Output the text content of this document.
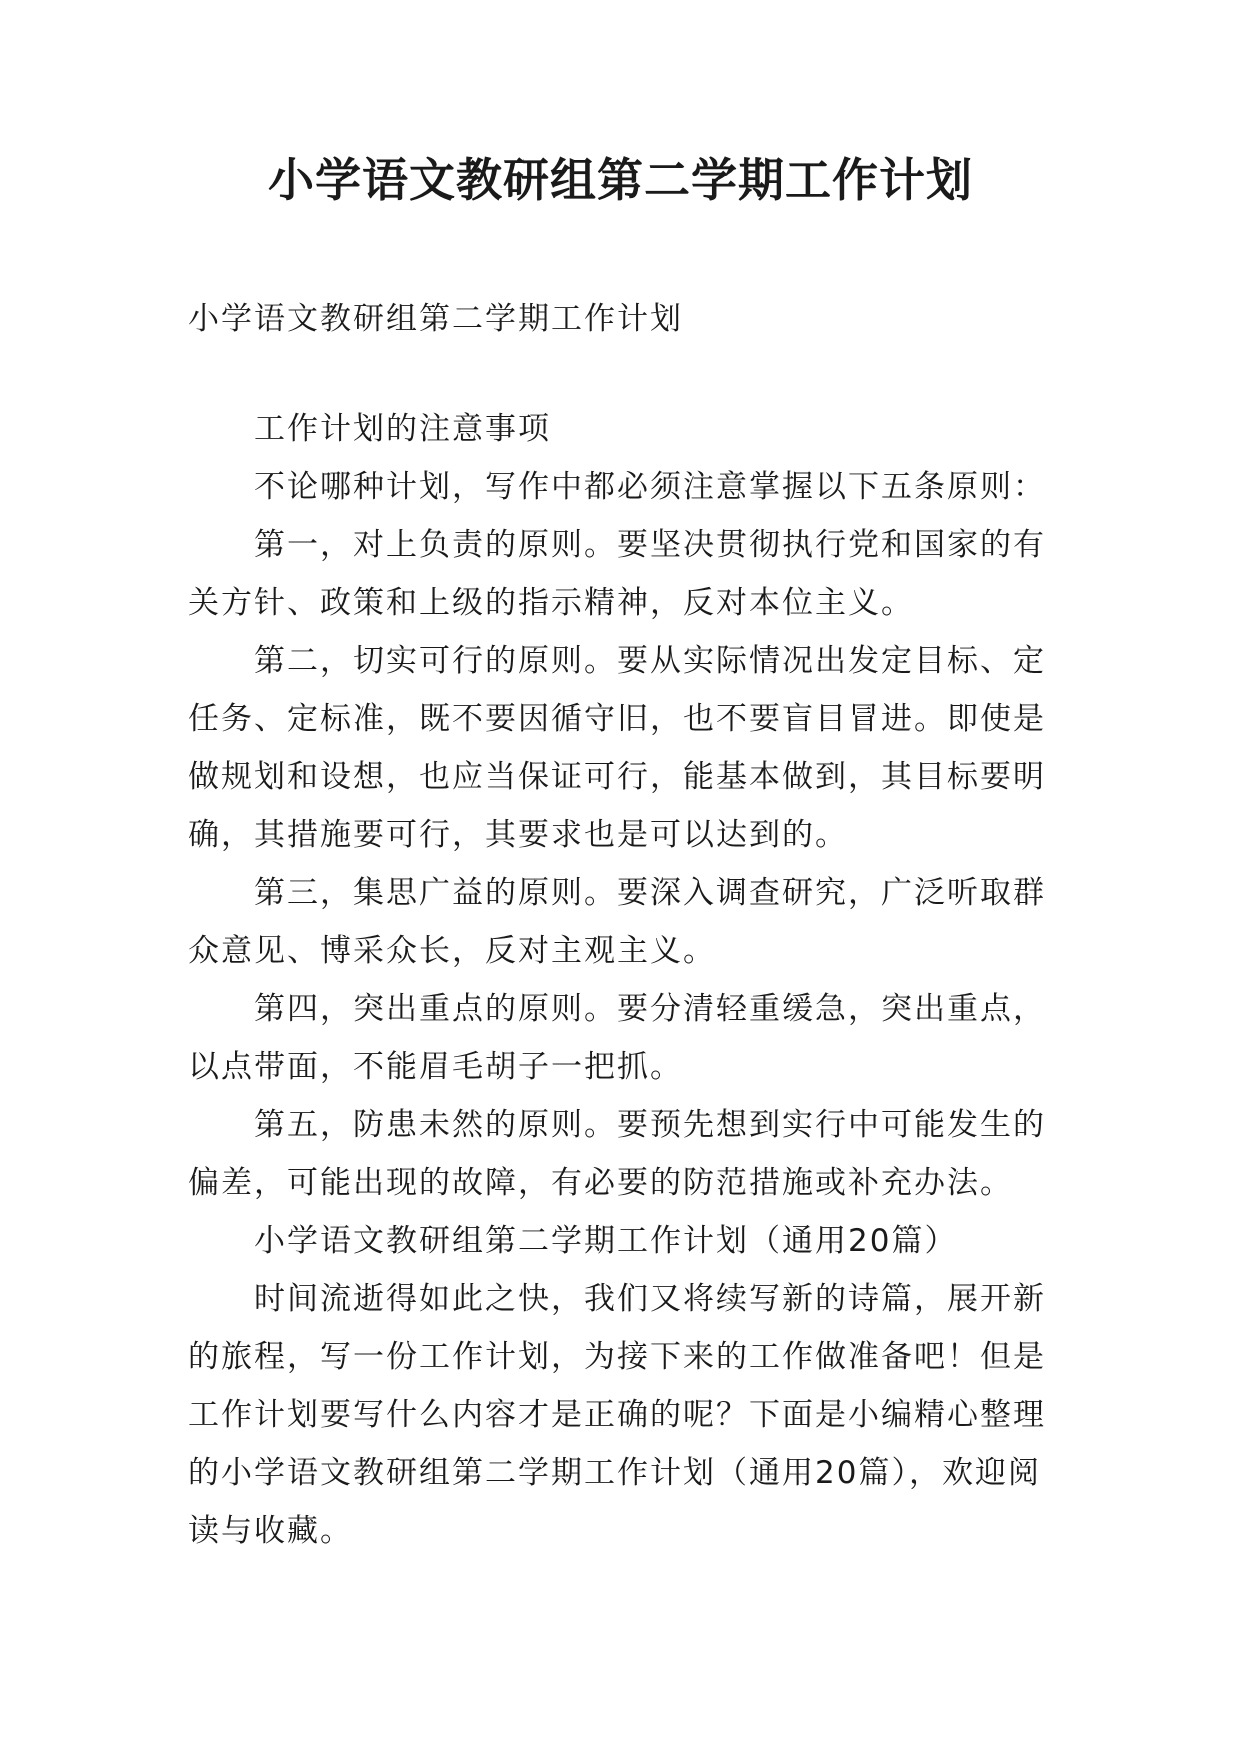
小学语文教研组第二学期工作计划

小学语文教研组第二学期工作计划

工作计划的注意事项

不论哪种计划，写作中都必须注意掌握以下五条原则：

第一，对上负责的原则。要坚决贯彻执行党和国家的有关方针、政策和上级的指示精神，反对本位主义。

第二，切实可行的原则。要从实际情况出发定目标、定任务、定标准，既不要因循守旧，也不要盲目冒进。即使是做规划和设想，也应当保证可行，能基本做到，其目标要明确，其措施要可行，其要求也是可以达到的。

第三，集思广益的原则。要深入调查研究，广泛听取群众意见、博采众长，反对主观主义。

第四，突出重点的原则。要分清轻重缓急，突出重点，以点带面，不能眉毛胡子一把抓。

第五，防患未然的原则。要预先想到实行中可能发生的偏差，可能出现的故障，有必要的防范措施或补充办法。

小学语文教研组第二学期工作计划（通用20篇）

时间流逝得如此之快，我们又将续写新的诗篇，展开新的旅程，写一份工作计划，为接下来的工作做准备吧！但是工作计划要写什么内容才是正确的呢？下面是小编精心整理的小学语文教研组第二学期工作计划（通用20篇），欢迎阅读与收藏。
